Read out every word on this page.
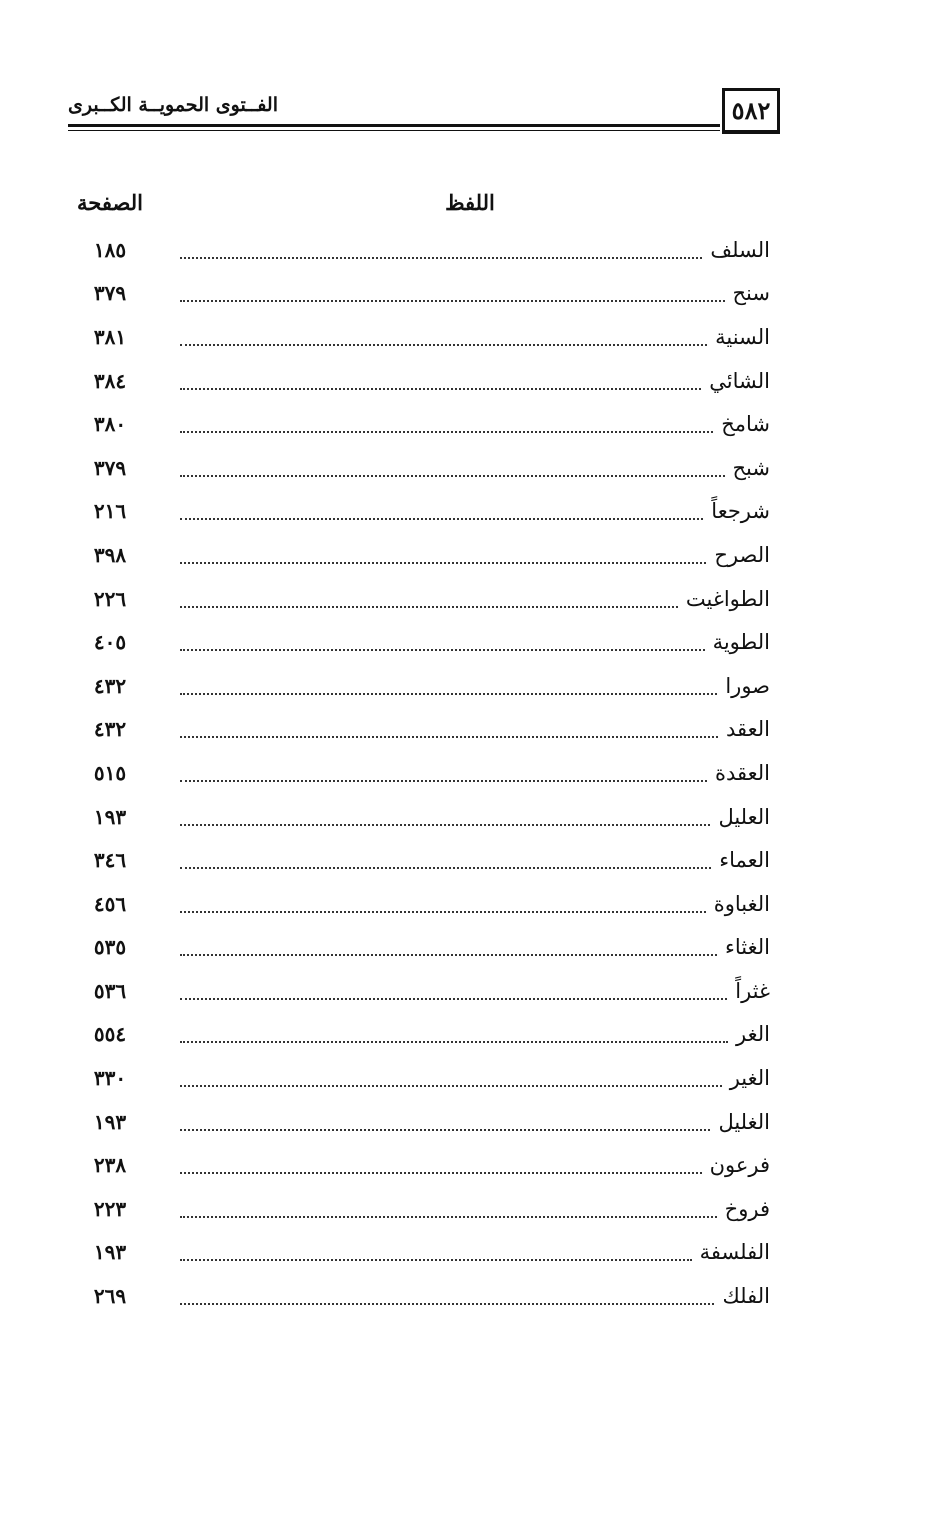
الفــتوى الحمويــة الكــبرى	٥٨٢
الصفحة	اللفظ
١٨٥	السلف
٣٧٩	سنح
٣٨١	السنية
٣٨٤	الشائي
٣٨٠	شامخ
٣٧٩	شبح
٢١٦	شرجعاً
٣٩٨	الصرح
٢٢٦	الطواغيت
٤٠٥	الطوية
٤٣٢	صورا
٤٣٢	العقد
٥١٥	العقدة
١٩٣	العليل
٣٤٦	العماء
٤٥٦	الغباوة
٥٣٥	الغثاء
٥٣٦	غثراً
٥٥٤	الغر
٣٣٠	الغير
١٩٣	الغليل
٢٣٨	فرعون
٢٢٣	فروخ
١٩٣	الفلسفة
٢٦٩	الفلك
